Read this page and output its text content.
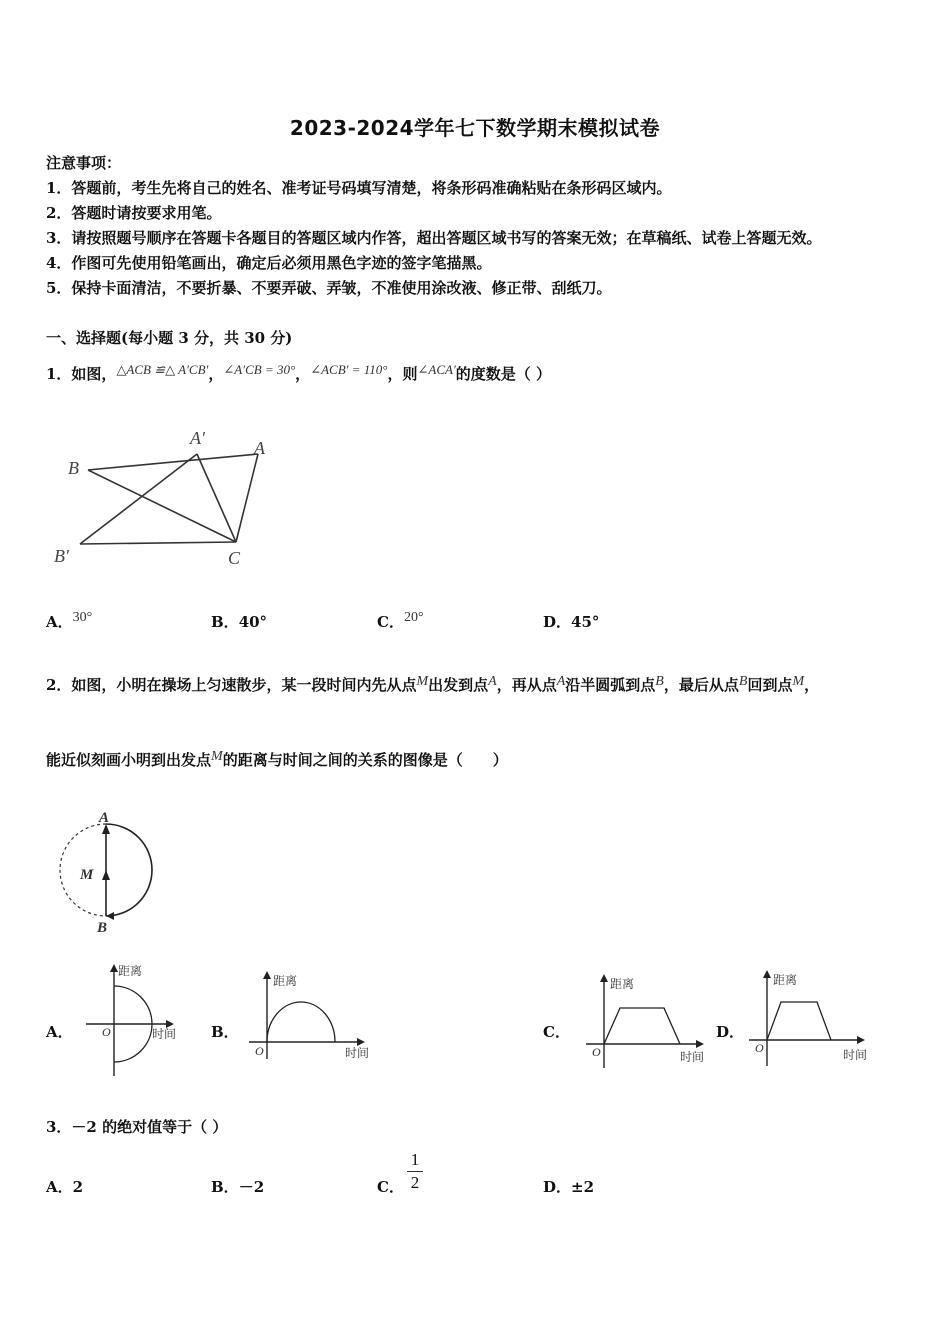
2023-2024学年七下数学期末模拟试卷
注意事项：
1．答题前，考生先将自己的姓名、准考证号码填写清楚，将条形码准确粘贴在条形码区域内。
2．答题时请按要求用笔。
3．请按照题号顺序在答题卡各题目的答题区域内作答，超出答题区域书写的答案无效；在草稿纸、试卷上答题无效。
4．作图可先使用铅笔画出，确定后必须用黑色字迹的签字笔描黑。
5．保持卡面清洁，不要折暴、不要弄破、弄皱，不准使用涂改液、修正带、刮纸刀。
一、选择题(每小题 3 分，共 30 分)
1．如图，△ACB ≌△ A′CB′，∠A′CB = 30°，∠ACB′ = 110°，则∠ACA′的度数是（ ）
B
A′	A
B′	C
A．30°	B．40°	C．20°	D．45°
2．如图，小明在操场上匀速散步，某一段时间内先从点M出发到点A，再从点A沿半圆弧到点B，最后从点B回到点M，
能近似刻画小明到出发点M的距离与时间之间的关系的图像是（　　）
A
M
B
A．
距离
时间
O	B．
距离
时间
O
C．
距离
时间
O
D．
距离
时间
O
3．－2 的绝对值等于（ ）
A．2	B．－2	C．
1
2	D．±2
